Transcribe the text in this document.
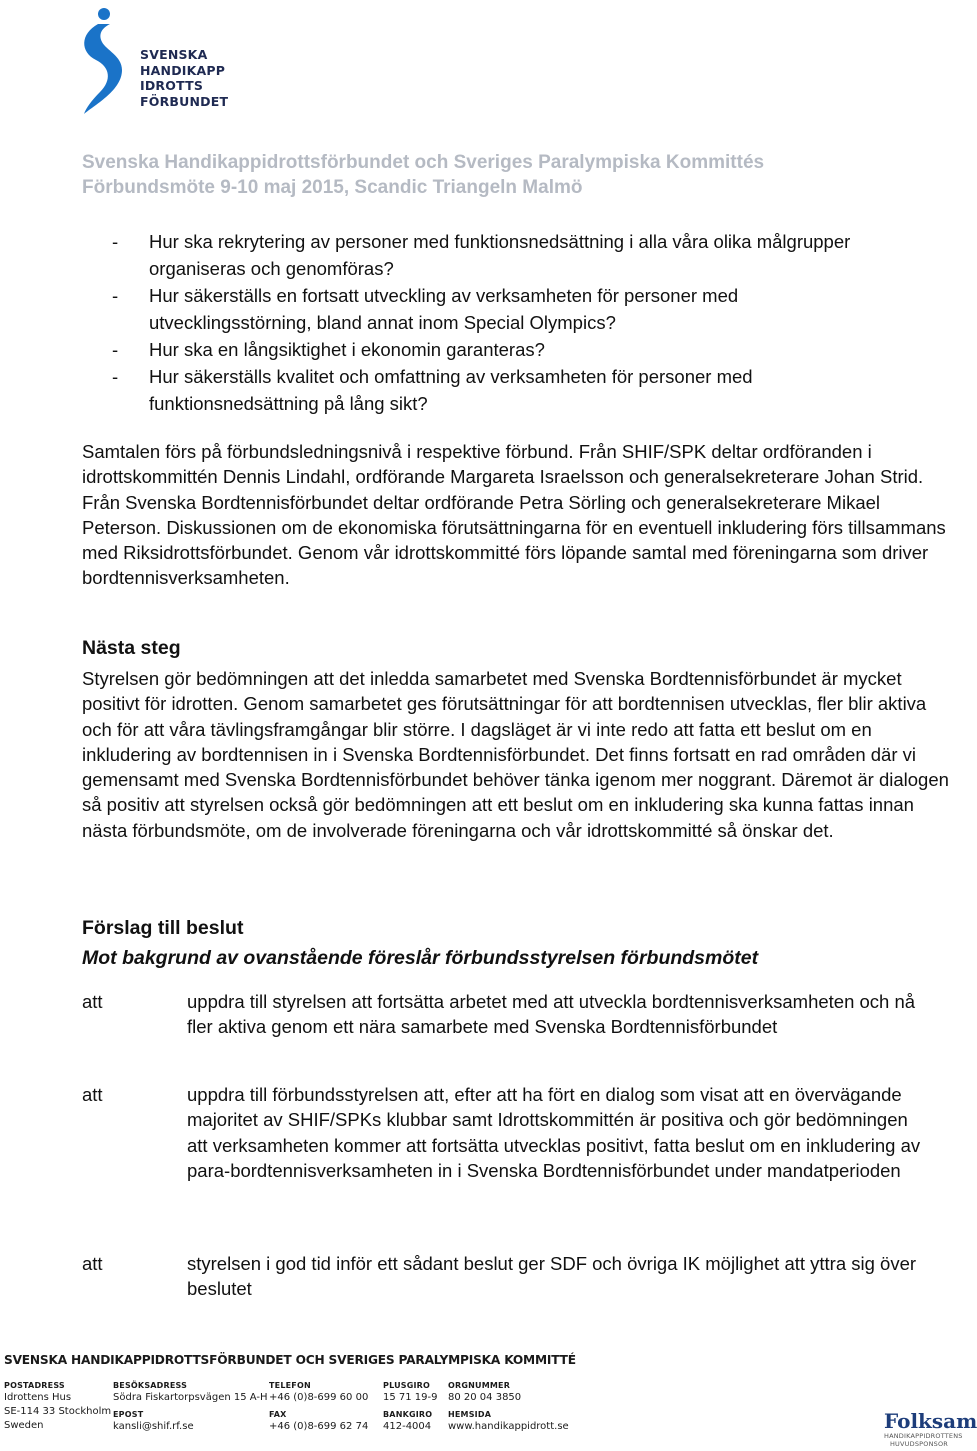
SVENSKA
HANDIKAPP
IDROTTS
FÖRBUNDET
Svenska Handikappidrottsförbundet och Sveriges Paralympiska Kommittés
Förbundsmöte 9-10 maj 2015, Scandic Triangeln Malmö
- Hur ska rekrytering av personer med funktionsnedsättning i alla våra olika målgrupper organiseras och genomföras?
- Hur säkerställs en fortsatt utveckling av verksamheten för personer med utvecklingsstörning, bland annat inom Special Olympics?
- Hur ska en långsiktighet i ekonomin garanteras?
- Hur säkerställs kvalitet och omfattning av verksamheten för personer med funktionsnedsättning på lång sikt?

Samtalen förs på förbundsledningsnivå i respektive förbund. Från SHIF/SPK deltar ordföranden i idrottskommittén Dennis Lindahl, ordförande Margareta Israelsson och generalsekreterare Johan Strid. Från Svenska Bordtennisförbundet deltar ordförande Petra Sörling och generalsekreterare Mikael Peterson. Diskussionen om de ekonomiska förutsättningarna för en eventuell inkludering förs tillsammans med Riksidrottsförbundet. Genom vår idrottskommitté förs löpande samtal med föreningarna som driver bordtennisverksamheten.

Nästa steg

Styrelsen gör bedömningen att det inledda samarbetet med Svenska Bordtennisförbundet är mycket positivt för idrotten. Genom samarbetet ges förutsättningar för att bordtennisen utvecklas, fler blir aktiva och för att våra tävlingsframgångar blir större. I dagsläget är vi inte redo att fatta ett beslut om en inkludering av bordtennisen in i Svenska Bordtennisförbundet. Det finns fortsatt en rad områden där vi gemensamt med Svenska Bordtennisförbundet behöver tänka igenom mer noggrant. Däremot är dialogen så positiv att styrelsen också gör bedömningen att ett beslut om en inkludering ska kunna fattas innan nästa förbundsmöte, om de involverade föreningarna och vår idrottskommitté så önskar det.

Förslag till beslut
Mot bakgrund av ovanstående föreslår förbundsstyrelsen förbundsmötet
att	uppdra till styrelsen att fortsätta arbetet med att utveckla bordtennisverksamheten och nå fler aktiva genom ett nära samarbete med Svenska Bordtennisförbundet
att	uppdra till förbundsstyrelsen att, efter att ha fört en dialog som visat att en övervägande majoritet av SHIF/SPKs klubbar samt Idrottskommittén är positiva och gör bedömningen att verksamheten kommer att fortsätta utvecklas positivt, fatta beslut om en inkludering av para-bordtennisverksamheten in i Svenska Bordtennisförbundet under mandatperioden
att	styrelsen i god tid inför ett sådant beslut ger SDF och övriga IK möjlighet att yttra sig över beslutet
SVENSKA HANDIKAPPIDROTTSFÖRBUNDET OCH SVERIGES PARALYMPISKA KOMMITTÉ
POSTADRESS
Idrottens Hus
SE-114 33 Stockholm
Sweden
BESÖKSADRESS
Södra Fiskartorpsvägen 15 A-H
EPOST
kansli@shif.rf.se
TELEFON
+46 (0)8-699 60 00
FAX
+46 (0)8-699 62 74
PLUSGIRO
15 71 19-9
BANKGIRO
412-4004
ORGNUMMER
80 20 04 3850
HEMSIDA
www.handikappidrott.se	Folksam
HANDIKAPPIDROTTENS HUVUDSPONSOR
